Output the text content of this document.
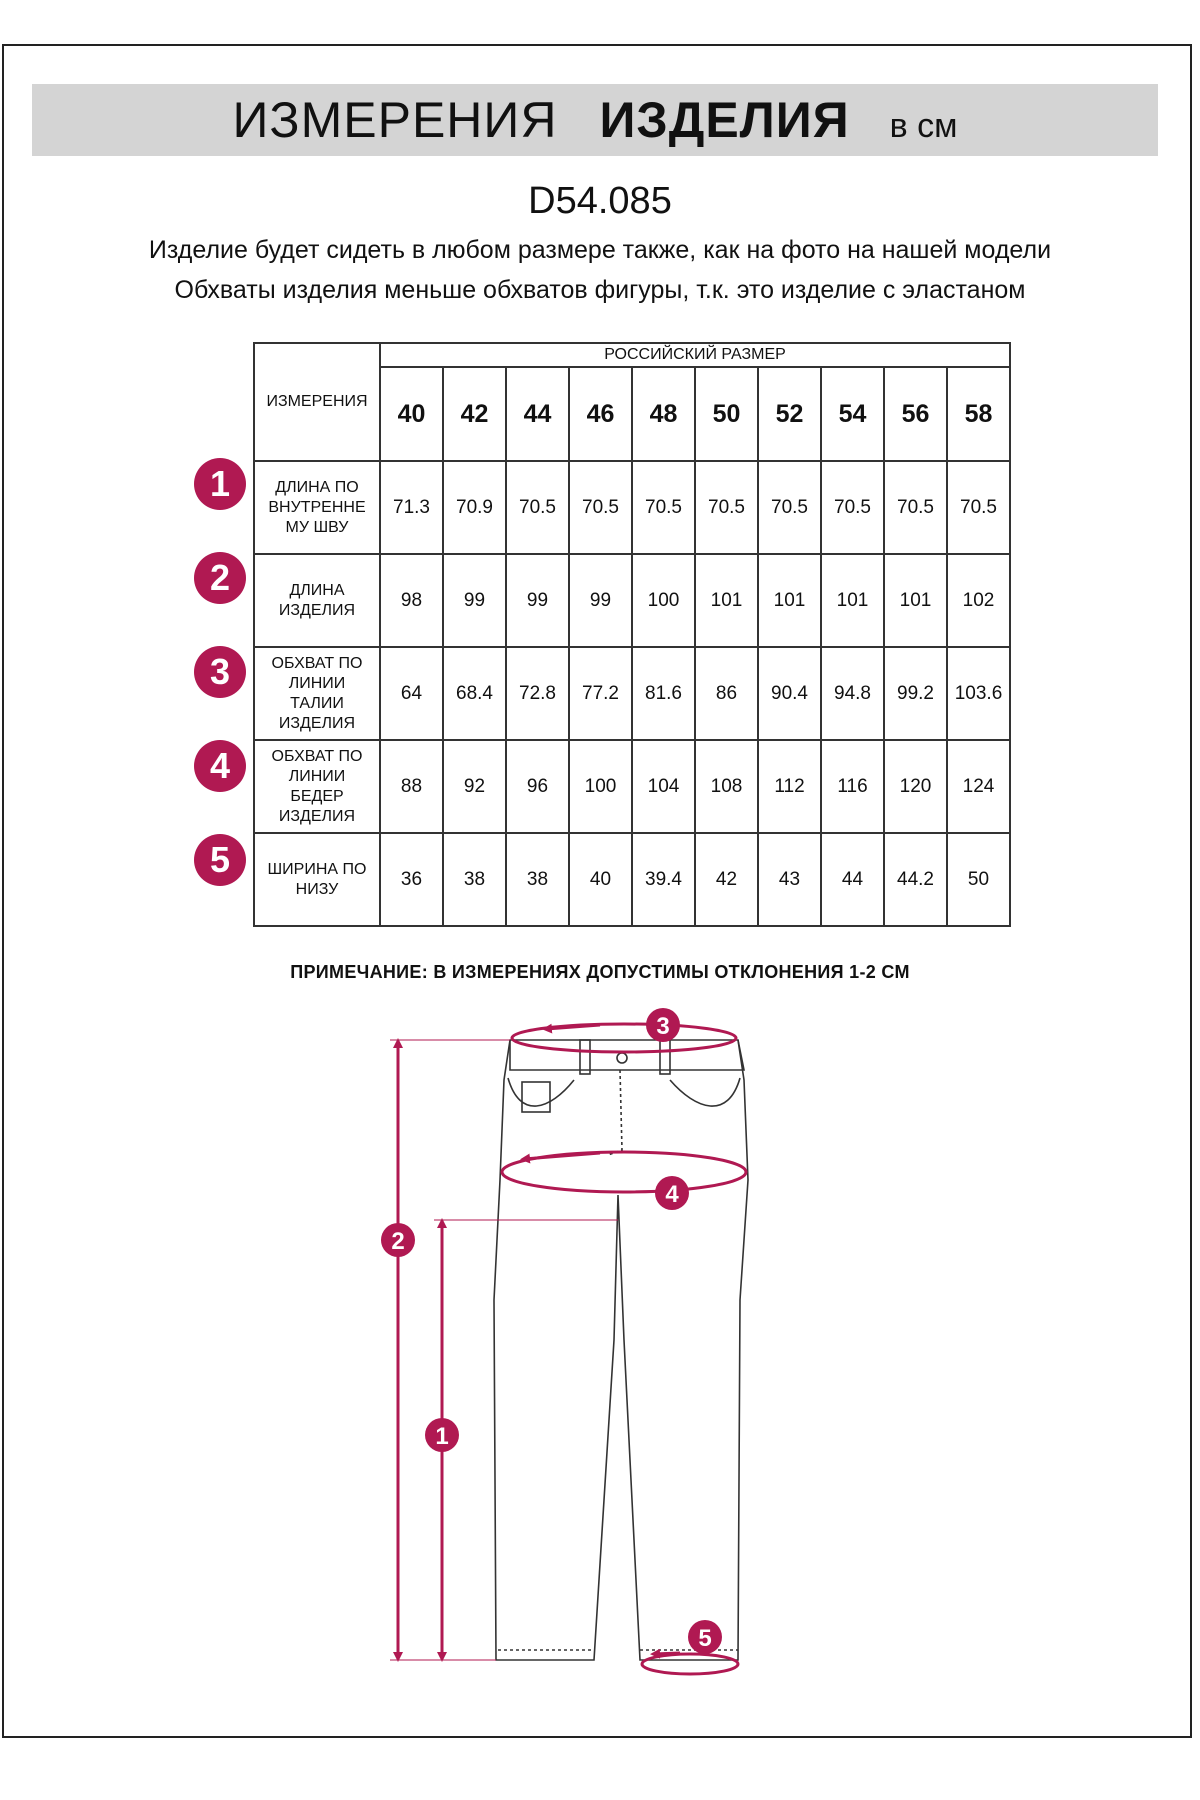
ИЗМЕРЕНИЯ ИЗДЕЛИЯ в см
D54.085
Изделие будет сидеть в любом размере также, как на фото на нашей модели
Обхваты изделия меньше обхватов фигуры, т.к. это изделие с эластаном
ИЗМЕРЕНИЯ	РОССИЙСКИЙ РАЗМЕР									
	40	42	44	46	48	50	52	54	56	58

ДЛИНА ПО
ВНУТРЕННЕ
МУ ШВУ	71.3	70.9	70.5	70.5	70.5	70.5	70.5	70.5	70.5	70.5

ДЛИНА
ИЗДЕЛИЯ	98	99	99	99	100	101	101	101	101	102

ОБХВАТ ПО
ЛИНИИ
ТАЛИИ
ИЗДЕЛИЯ	64	68.4	72.8	77.2	81.6	86	90.4	94.8	99.2	103.6

ОБХВАТ ПО
ЛИНИИ
БЕДЕР
ИЗДЕЛИЯ	88	92	96	100	104	108	112	116	120	124

ШИРИНА ПО
НИЗУ	36	38	38	40	39.4	42	43	44	44.2	50
1
2
3
4
5
ПРИМЕЧАНИЕ: В ИЗМЕРЕНИЯХ ДОПУСТИМЫ ОТКЛОНЕНИЯ 1-2 СМ
3
4
2
1
5
